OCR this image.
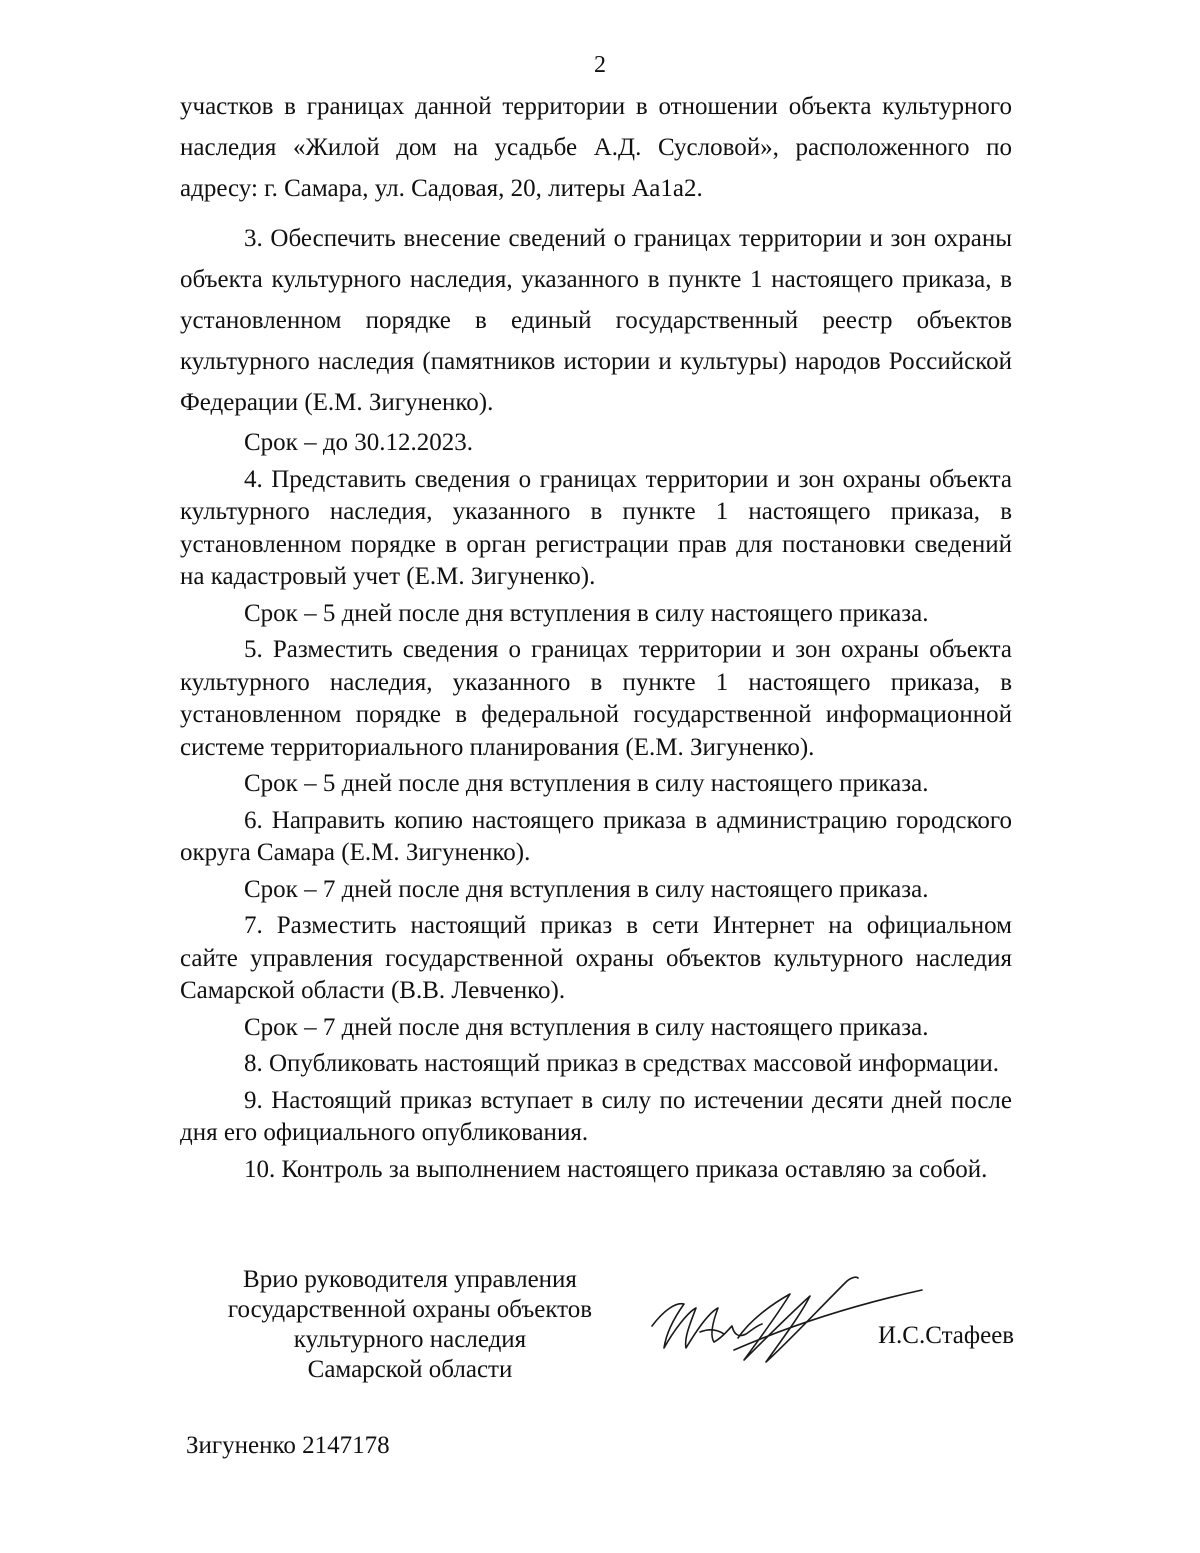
2

участков в границах данной территории в отношении объекта культурного наследия «Жилой дом на усадьбе А.Д. Сусловой», расположенного по адресу: г. Самара, ул. Садовая, 20, литеры Аа1а2.

3. Обеспечить внесение сведений о границах территории и зон охраны объекта культурного наследия, указанного в пункте 1 настоящего приказа, в установленном порядке в единый государственный реестр объектов культурного наследия (памятников истории и культуры) народов Российской Федерации (Е.М. Зигуненко).

Срок – до 30.12.2023.

4. Представить сведения о границах территории и зон охраны объекта культурного наследия, указанного в пункте 1 настоящего приказа, в установленном порядке в орган регистрации прав для постановки сведений на кадастровый учет (Е.М. Зигуненко).

Срок – 5 дней после дня вступления в силу настоящего приказа.

5. Разместить сведения о границах территории и зон охраны объекта культурного наследия, указанного в пункте 1 настоящего приказа, в установленном порядке в федеральной государственной информационной системе территориального планирования (Е.М. Зигуненко).

Срок – 5 дней после дня вступления в силу настоящего приказа.

6. Направить копию настоящего приказа в администрацию городского округа Самара (Е.М. Зигуненко).

Срок – 7 дней после дня вступления в силу настоящего приказа.

7. Разместить настоящий приказ в сети Интернет на официальном сайте управления государственной охраны объектов культурного наследия Самарской области (В.В. Левченко).

Срок – 7 дней после дня вступления в силу настоящего приказа.

8. Опубликовать настоящий приказ в средствах массовой информации.

9. Настоящий приказ вступает в силу по истечении десяти дней после дня его официального опубликования.

10. Контроль за выполнением настоящего приказа оставляю за собой.

Врио руководителя управления
государственной охраны объектов
культурного наследия
Самарской области
И.С.Стафеев
Зигуненко 2147178
